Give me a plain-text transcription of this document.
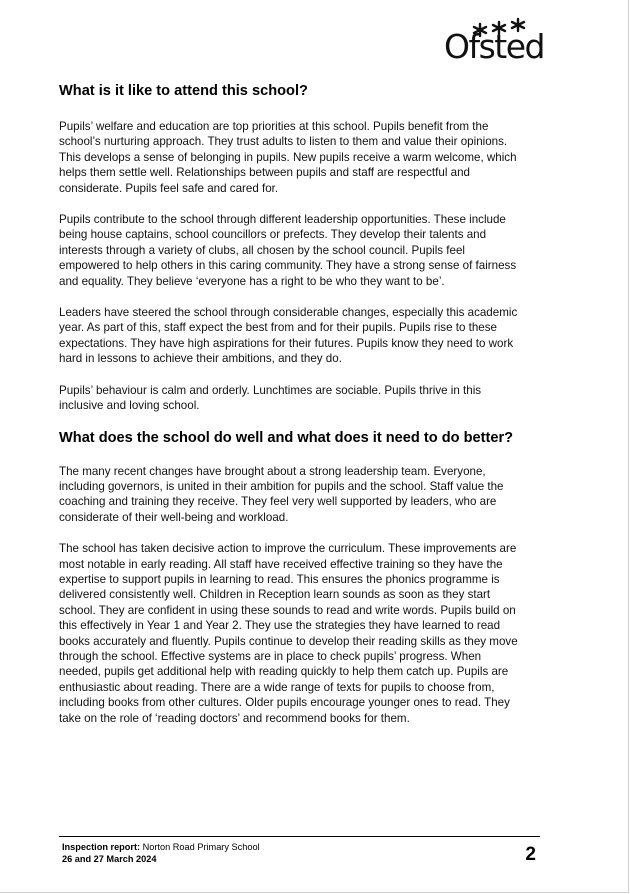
Ofsted
What is it like to attend this school?

Pupils’ welfare and education are top priorities at this school. Pupils benefit from the school’s nurturing approach. They trust adults to listen to them and value their opinions. This develops a sense of belonging in pupils. New pupils receive a warm welcome, which helps them settle well. Relationships between pupils and staff are respectful and considerate. Pupils feel safe and cared for.

Pupils contribute to the school through different leadership opportunities. These include being house captains, school councillors or prefects. They develop their talents and interests through a variety of clubs, all chosen by the school council. Pupils feel empowered to help others in this caring community. They have a strong sense of fairness and equality. They believe ‘everyone has a right to be who they want to be’.

Leaders have steered the school through considerable changes, especially this academic year. As part of this, staff expect the best from and for their pupils. Pupils rise to these expectations. They have high aspirations for their futures. Pupils know they need to work hard in lessons to achieve their ambitions, and they do.

Pupils’ behaviour is calm and orderly. Lunchtimes are sociable. Pupils thrive in this inclusive and loving school.

What does the school do well and what does it need to do better?

The many recent changes have brought about a strong leadership team. Everyone, including governors, is united in their ambition for pupils and the school. Staff value the coaching and training they receive. They feel very well supported by leaders, who are considerate of their well-being and workload.

The school has taken decisive action to improve the curriculum. These improvements are most notable in early reading. All staff have received effective training so they have the expertise to support pupils in learning to read. This ensures the phonics programme is delivered consistently well. Children in Reception learn sounds as soon as they start school. They are confident in using these sounds to read and write words. Pupils build on this effectively in Year 1 and Year 2. They use the strategies they have learned to read books accurately and fluently. Pupils continue to develop their reading skills as they move through the school. Effective systems are in place to check pupils’ progress. When needed, pupils get additional help with reading quickly to help them catch up. Pupils are enthusiastic about reading. There are a wide range of texts for pupils to choose from, including books from other cultures. Older pupils encourage younger ones to read. They take on the role of ‘reading doctors’ and recommend books for them.

Inspection report: Norton Road Primary School
26 and 27 March 2024	2
